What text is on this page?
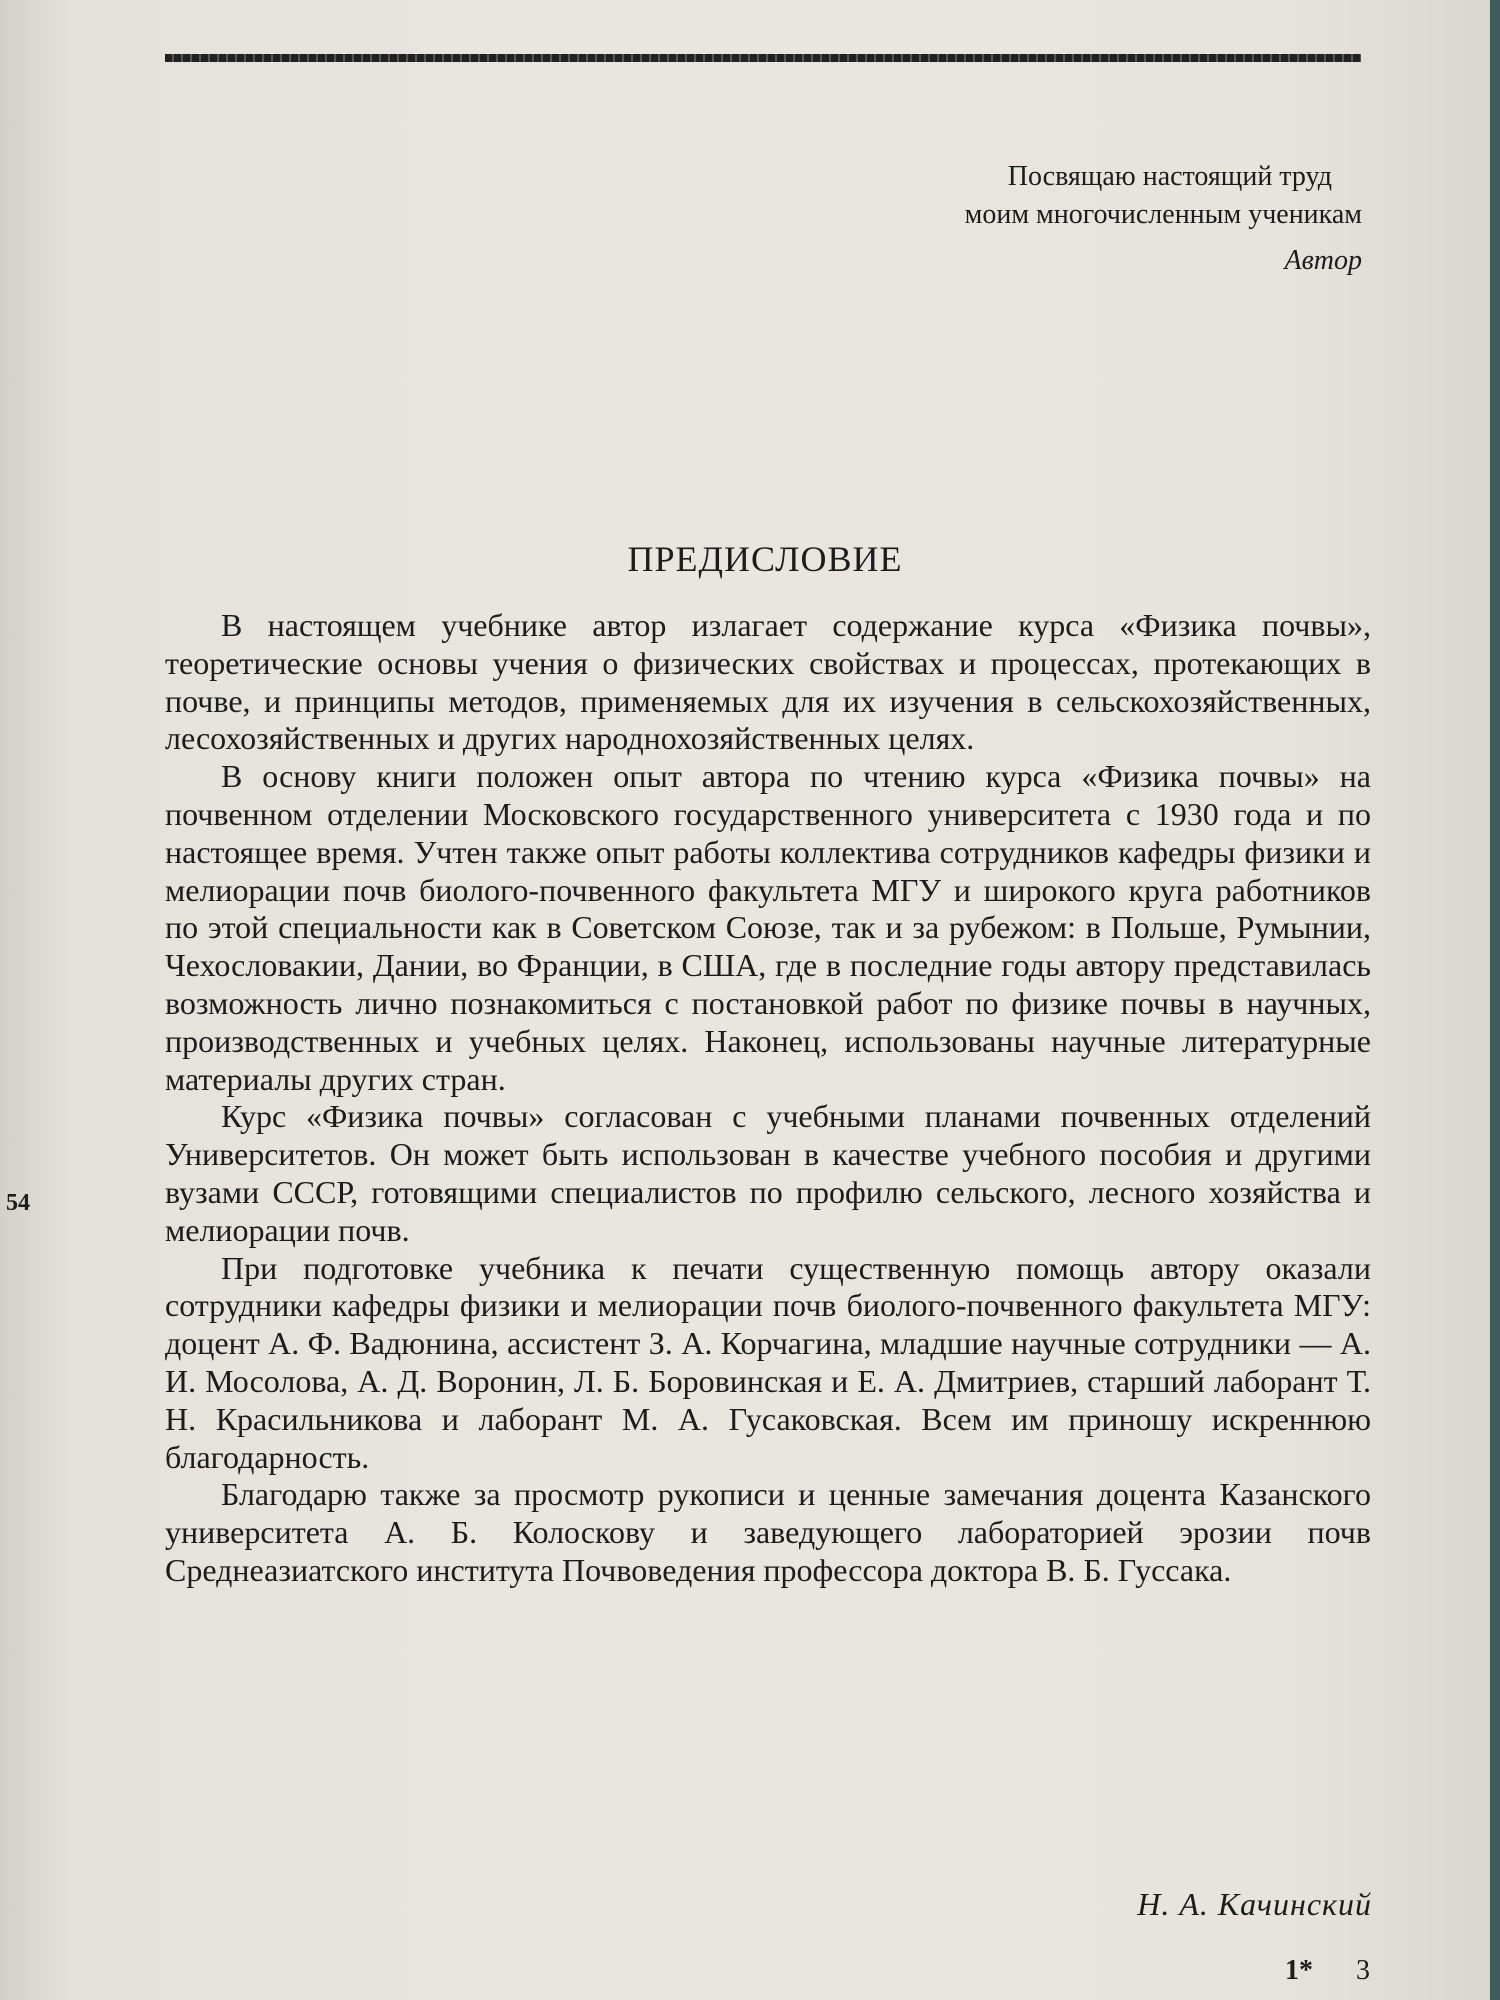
Посвящаю настоящий труд
моим многочисленным ученикам
Автор
ПРЕДИСЛОВИЕ

В настоящем учебнике автор излагает содержание курса «Физика почвы», теоретические основы учения о физических свойствах и процессах, протекающих в почве, и принципы методов, применяемых для их изучения в сельскохозяйственных, лесохозяйственных и других народнохозяйственных целях.

В основу книги положен опыт автора по чтению курса «Физика почвы» на почвенном отделении Московского государственного университета с 1930 года и по настоящее время. Учтен также опыт работы коллектива сотрудников кафедры физики и мелиорации почв биолого-почвенного факультета МГУ и широкого круга работников по этой специальности как в Советском Союзе, так и за рубежом: в Польше, Румынии, Чехословакии, Дании, во Франции, в США, где в последние годы автору представилась возможность лично познакомиться с постановкой работ по физике почвы в научных, производственных и учебных целях. Наконец, использованы научные литературные материалы других стран.

Курс «Физика почвы» согласован с учебными планами почвенных отделений Университетов. Он может быть использован в качестве учебного пособия и другими вузами СССР, готовящими специалистов по профилю сельского, лесного хозяйства и мелиорации почв.

При подготовке учебника к печати существенную помощь автору оказали сотрудники кафедры физики и мелиорации почв биолого-почвенного факультета МГУ: доцент А. Ф. Вадюнина, ассистент З. А. Корчагина, младшие научные сотрудники — А. И. Мосолова, А. Д. Воронин, Л. Б. Боровинская и Е. А. Дмитриев, старший лаборант Т. Н. Красильникова и лаборант М. А. Гусаковская. Всем им приношу искреннюю благодарность.

Благодарю также за просмотр рукописи и ценные замечания доцента Казанского университета А. Б. Колоскову и заведующего лабораторией эрозии почв Среднеазиатского института Почвоведения профессора доктора В. Б. Гуссака.

Н. А. Качинский
54
1* 3
